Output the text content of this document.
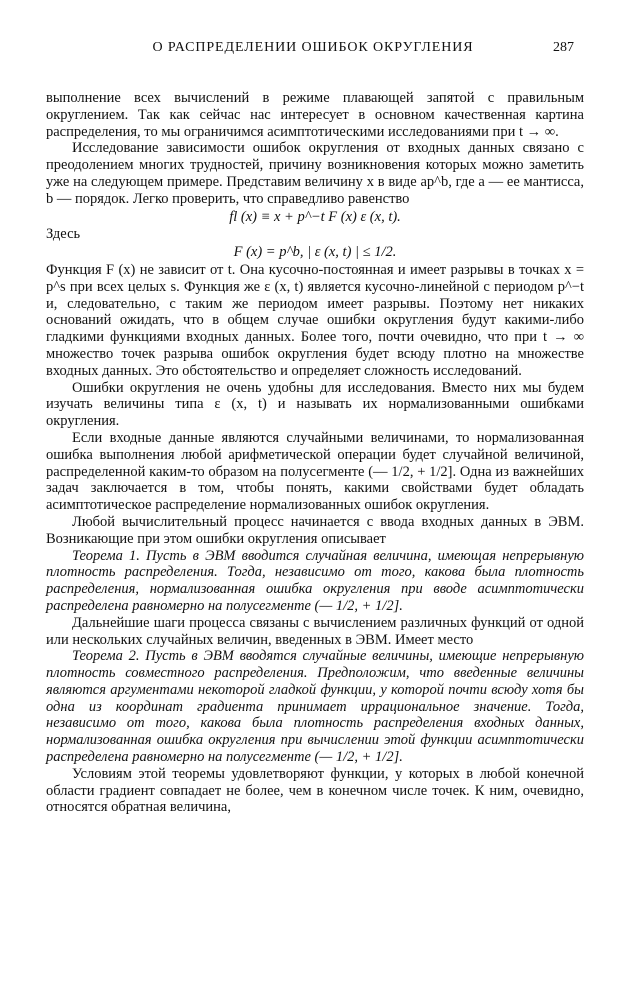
О РАСПРЕДЕЛЕНИИ ОШИБОК ОКРУГЛЕНИЯ	287

выполнение всех вычислений в режиме плавающей запятой с правильным округлением. Так как сейчас нас интересует в основном качественная картина распределения, то мы ограничимся асимптотическими исследованиями при t → ∞.

Исследование зависимости ошибок округления от входных данных связано с преодолением многих трудностей, причину возникновения которых можно заметить уже на следующем примере. Представим величину x в виде ap^b, где a — ее мантисса, b — порядок. Легко проверить, что справедливо равенство

fl (x) ≡ x + p^−t F (x) ε (x, t).

Здесь

F (x) = p^b, | ε (x, t) | ≤ 1/2.

Функция F (x) не зависит от t. Она кусочно-постоянная и имеет разрывы в точках x = p^s при всех целых s. Функция же ε (x, t) является кусочно-линейной с периодом p^−t и, следовательно, с таким же периодом имеет разрывы. Поэтому нет никаких оснований ожидать, что в общем случае ошибки округления будут какими-либо гладкими функциями входных данных. Более того, почти очевидно, что при t → ∞ множество точек разрыва ошибок округления будет всюду плотно на множестве входных данных. Это обстоятельство и определяет сложность исследований.

Ошибки округления не очень удобны для исследования. Вместо них мы будем изучать величины типа ε (x, t) и называть их нормализованными ошибками округления.

Если входные данные являются случайными величинами, то нормализованная ошибка выполнения любой арифметической операции будет случайной величиной, распределенной каким-то образом на полусегменте (— 1/2, + 1/2]. Одна из важнейших задач заключается в том, чтобы понять, какими свойствами будет обладать асимптотическое распределение нормализованных ошибок округления.

Любой вычислительный процесс начинается с ввода входных данных в ЭВМ. Возникающие при этом ошибки округления описывает

Теорема 1. Пусть в ЭВМ вводится случайная величина, имеющая непрерывную плотность распределения. Тогда, независимо от того, какова была плотность распределения, нормализованная ошибка округления при вводе асимптотически распределена равномерно на полусегменте (— 1/2, + 1/2].

Дальнейшие шаги процесса связаны с вычислением различных функций от одной или нескольких случайных величин, введенных в ЭВМ. Имеет место

Теорема 2. Пусть в ЭВМ вводятся случайные величины, имеющие непрерывную плотность совместного распределения. Предположим, что введенные величины являются аргументами некоторой гладкой функции, у которой почти всюду хотя бы одна из координат градиента принимает иррациональное значение. Тогда, независимо от того, какова была плотность распределения входных данных, нормализованная ошибка округления при вычислении этой функции асимптотически распределена равномерно на полусегменте (— 1/2, + 1/2].

Условиям этой теоремы удовлетворяют функции, у которых в любой конечной области градиент совпадает не более, чем в конечном числе точек. К ним, очевидно, относятся обратная величина,
